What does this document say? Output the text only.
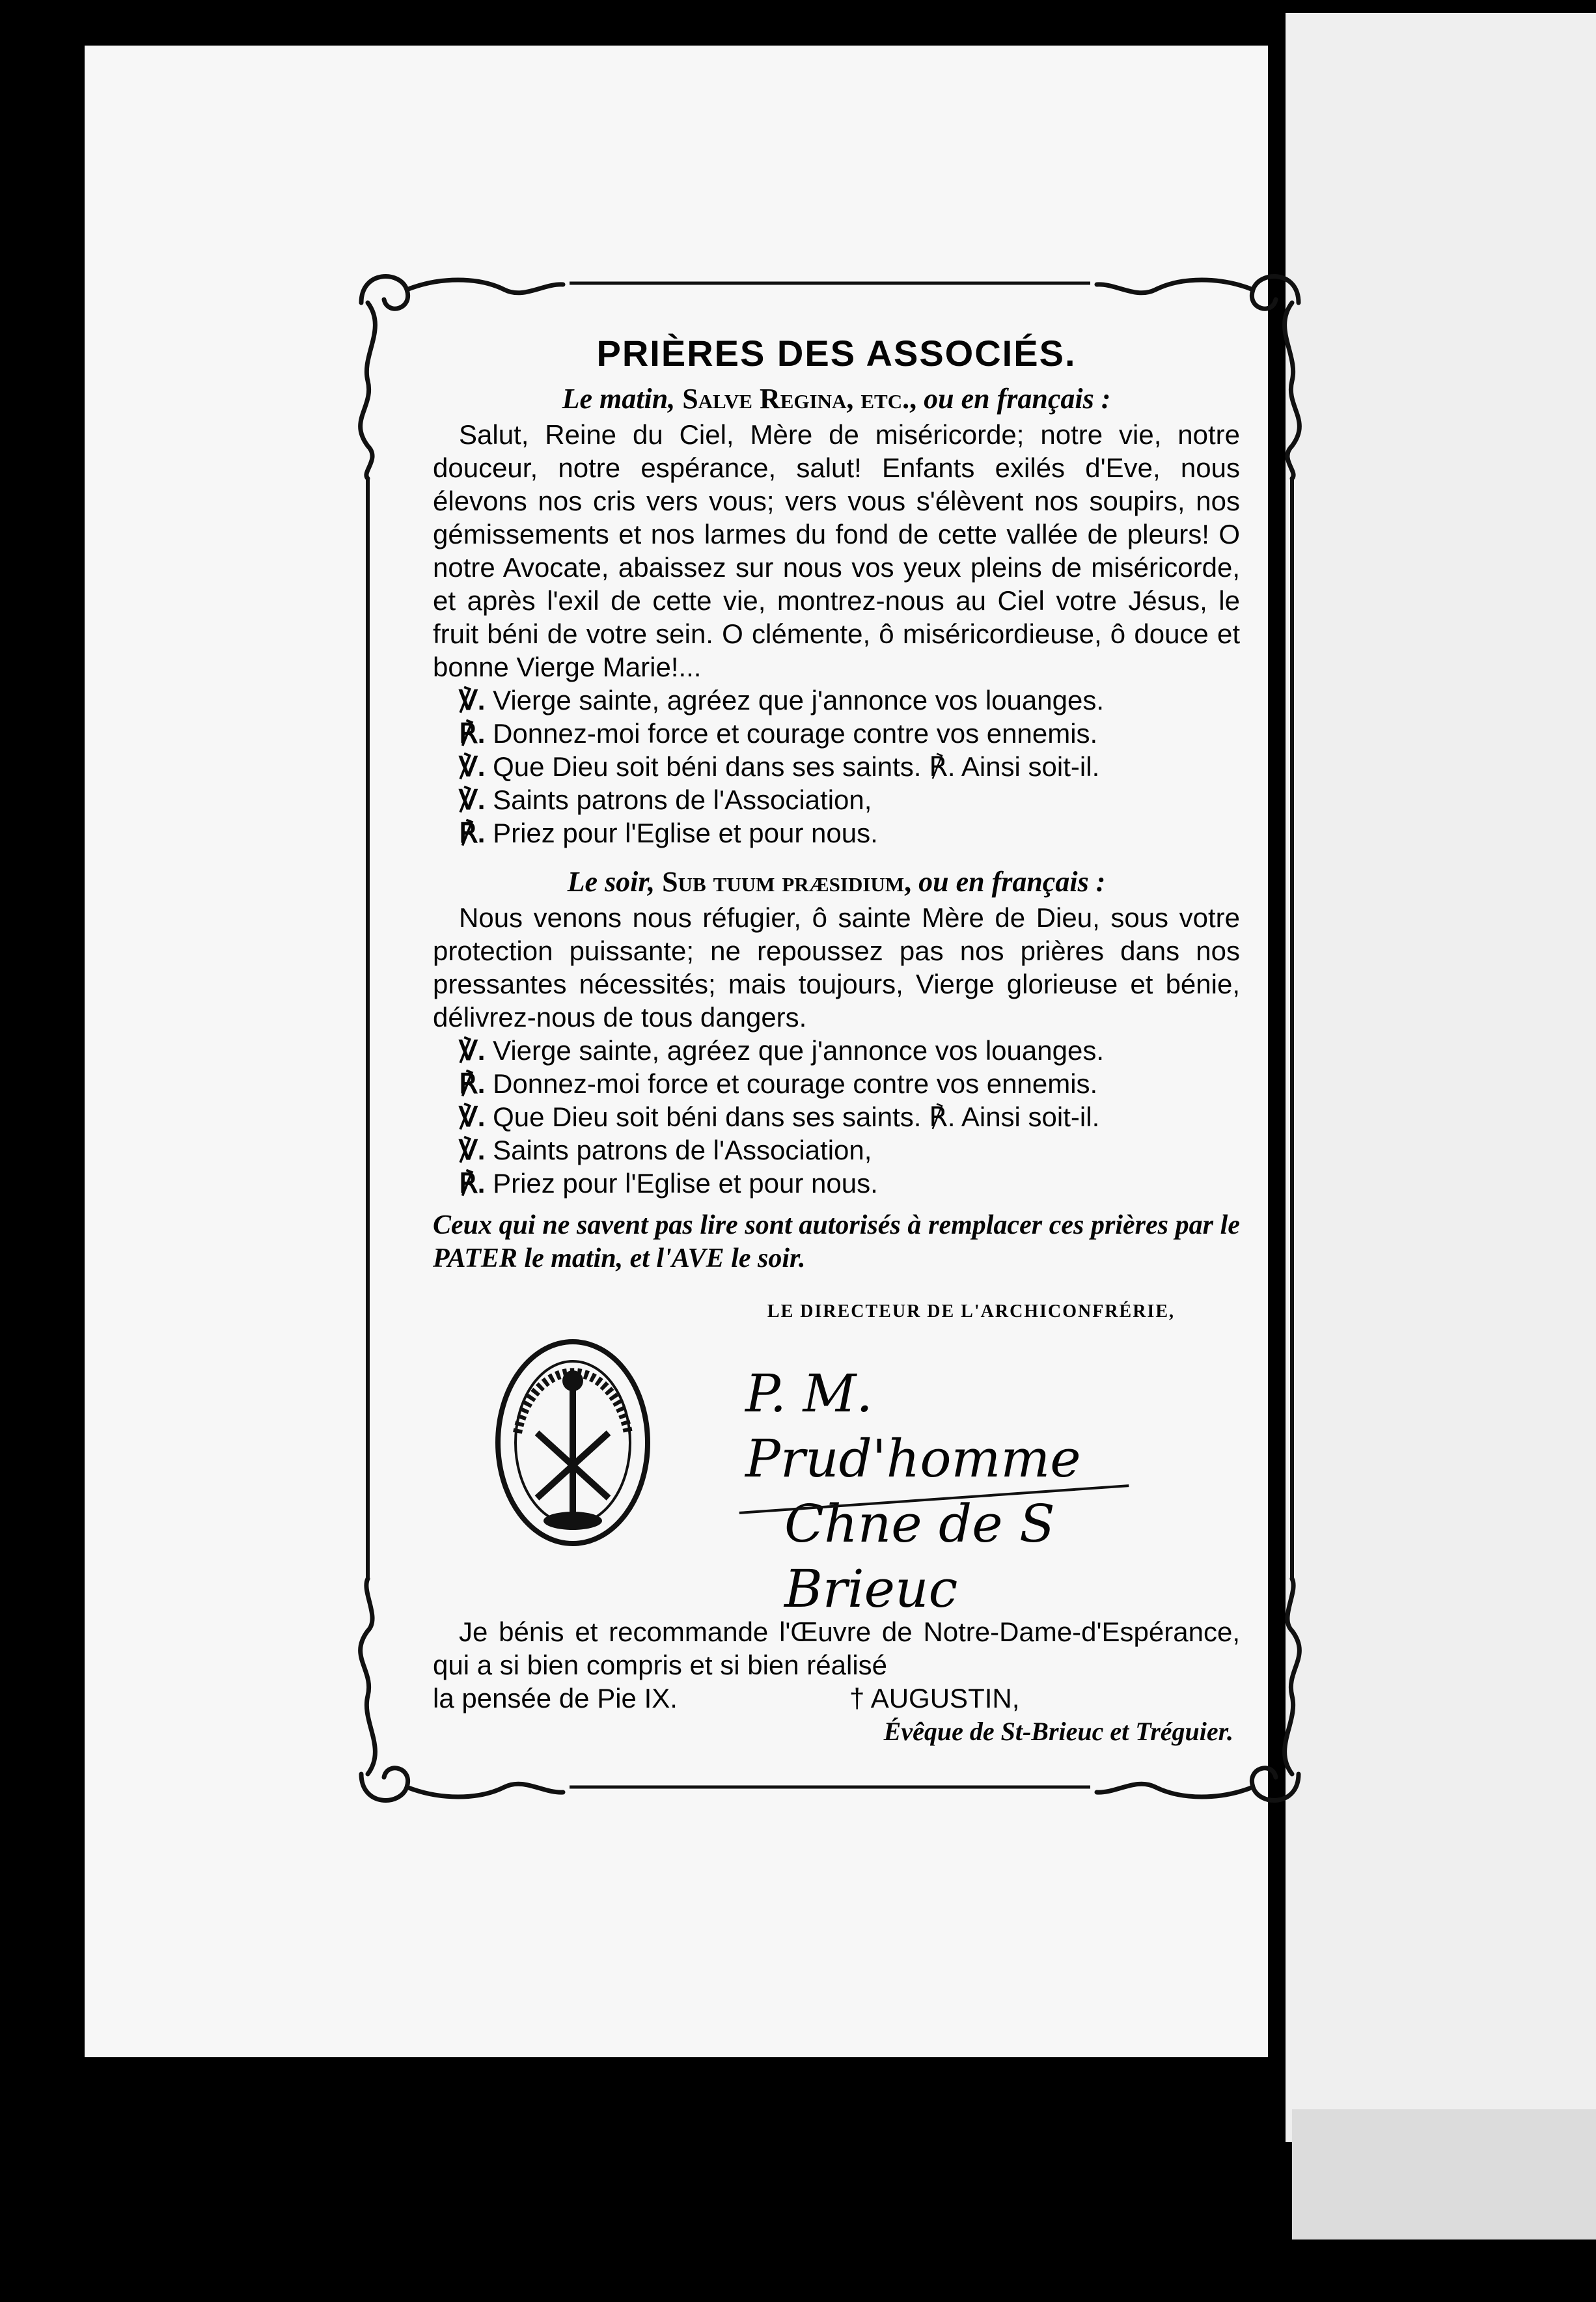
PRIÈRES DES ASSOCIÉS.
Le matin, Salve Regina, etc., ou en français :

Salut, Reine du Ciel, Mère de miséricorde; notre vie, notre douceur, notre espérance, salut! Enfants exilés d'Eve, nous élevons nos cris vers vous; vers vous s'élèvent nos soupirs, nos gémissements et nos larmes du fond de cette vallée de pleurs! O notre Avocate, abaissez sur nous vos yeux pleins de miséricorde, et après l'exil de cette vie, montrez-nous au Ciel votre Jésus, le fruit béni de votre sein. O clémente, ô miséricordieuse, ô douce et bonne Vierge Marie!...

℣. Vierge sainte, agréez que j'annonce vos louanges.

℟. Donnez-moi force et courage contre vos ennemis.

℣. Que Dieu soit béni dans ses saints. ℟. Ainsi soit-il.

℣. Saints patrons de l'Association,

℟. Priez pour l'Eglise et pour nous.

Le soir, Sub tuum præsidium, ou en français :

Nous venons nous réfugier, ô sainte Mère de Dieu, sous votre protection puissante; ne repoussez pas nos prières dans nos pressantes nécessités; mais toujours, Vierge glorieuse et bénie, délivrez-nous de tous dangers.

℣. Vierge sainte, agréez que j'annonce vos louanges.

℟. Donnez-moi force et courage contre vos ennemis.

℣. Que Dieu soit béni dans ses saints. ℟. Ainsi soit-il.

℣. Saints patrons de l'Association,

℟. Priez pour l'Eglise et pour nous.

Ceux qui ne savent pas lire sont autorisés à remplacer ces prières par le PATER le matin, et l'AVE le soir.

LE DIRECTEUR DE L'ARCHICONFRÉRIE,
P. M. Prud'homme
Chne de S Brieuc

Je bénis et recommande l'Œuvre de Notre-Dame-d'Espérance, qui a si bien compris et si bien réalisé

la pensée de Pie IX.	† AUGUSTIN,
Évêque de St-Brieuc et Tréguier.
